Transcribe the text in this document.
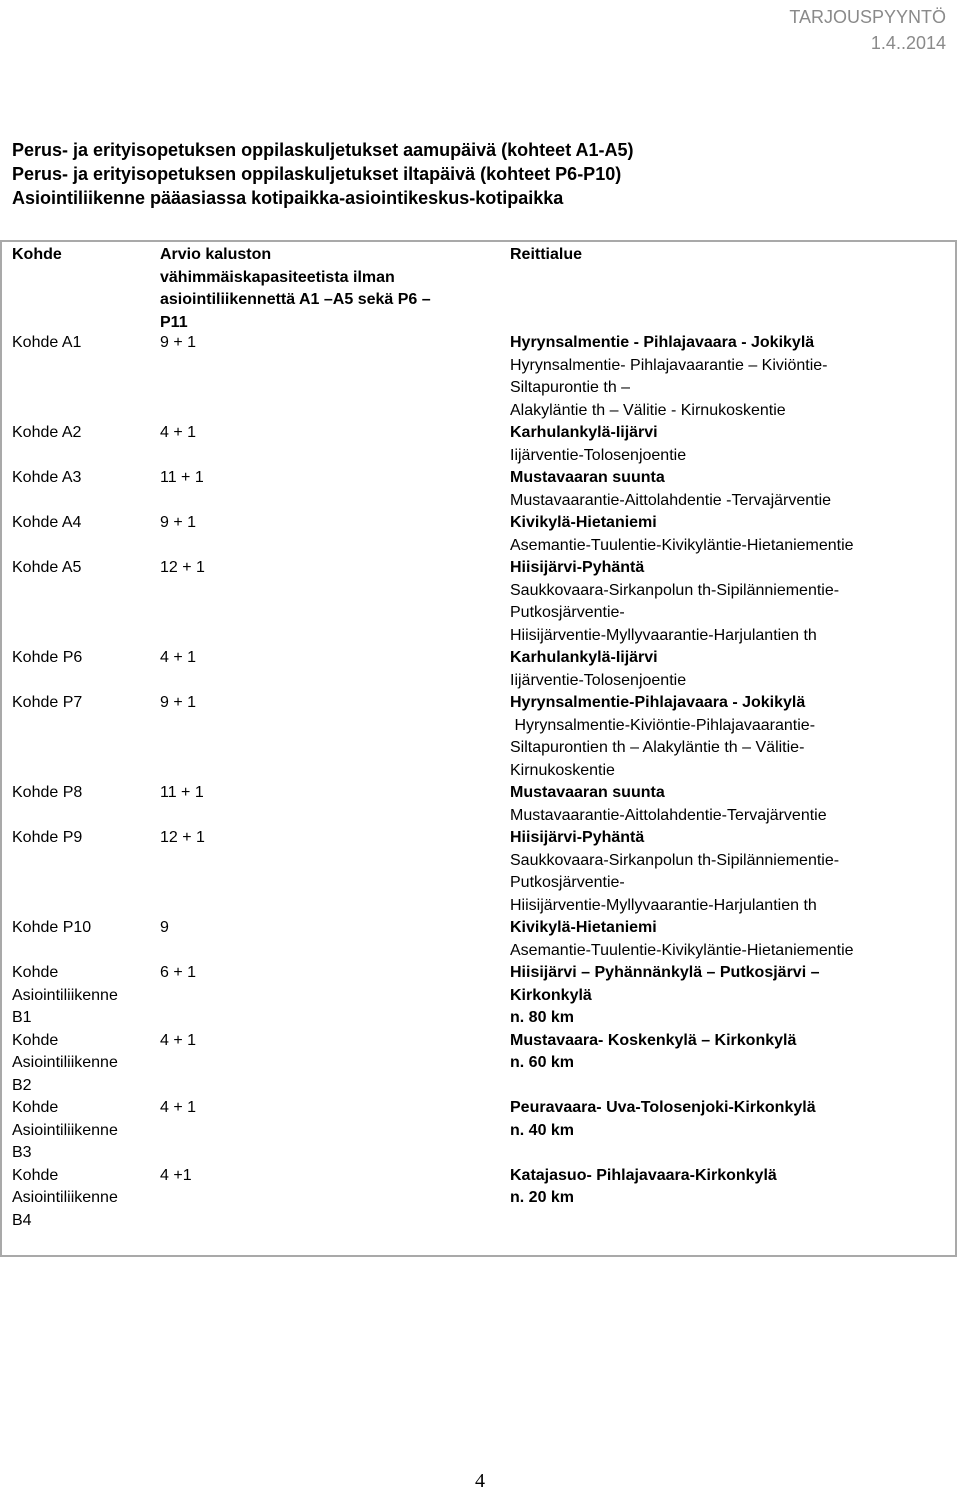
TARJOUSPYYNTÖ
1.4..2014
Perus- ja erityisopetuksen oppilaskuljetukset aamupäivä (kohteet A1-A5)
Perus- ja erityisopetuksen oppilaskuljetukset iltapäivä (kohteet P6-P10)
Asiointiliikenne pääasiassa kotipaikka-asiointikeskus-kotipaikka
Kohde	Arvio kaluston
vähimmäiskapasiteetista ilman
asiointiliikennettä A1 –A5 sekä P6 –
P11
Reittialue
Kohde A1	9 + 1	Hyrynsalmentie - Pihlajavaara - Jokikylä
Hyrynsalmentie- Pihlajavaarantie – Kiviöntie-
Siltapurontie th –
Alakyläntie th – Välitie - Kirnukoskentie
Kohde A2	4 + 1	Karhulankylä-Iijärvi
Iijärventie-Tolosenjoentie
Kohde A3	11 + 1	Mustavaaran suunta
Mustavaarantie-Aittolahdentie -Tervajärventie
Kohde A4	9 + 1	Kivikylä-Hietaniemi
Asemantie-Tuulentie-Kivikyläntie-Hietaniementie
Kohde A5	12 + 1	Hiisijärvi-Pyhäntä
Saukkovaara-Sirkanpolun th-Sipilänniementie-
Putkosjärventie-
Hiisijärventie-Myllyvaarantie-Harjulantien th
Kohde P6	4 + 1	Karhulankylä-Iijärvi
Iijärventie-Tolosenjoentie
Kohde P7	9 + 1	Hyrynsalmentie-Pihlajavaara - Jokikylä
Hyrynsalmentie-Kiviöntie-Pihlajavaarantie-
Siltapurontien th – Alakyläntie th – Välitie-
Kirnukoskentie
Kohde P8	11 + 1	Mustavaaran suunta
Mustavaarantie-Aittolahdentie-Tervajärventie
Kohde P9	12 + 1	Hiisijärvi-Pyhäntä
Saukkovaara-Sirkanpolun th-Sipilänniementie-
Putkosjärventie-
Hiisijärventie-Myllyvaarantie-Harjulantien th
Kohde P10	9	Kivikylä-Hietaniemi
Asemantie-Tuulentie-Kivikyläntie-Hietaniementie
Kohde
Asiointiliikenne
B1
6 + 1	Hiisijärvi – Pyhännänkylä – Putkosjärvi –
Kirkonkylä
n. 80 km
Kohde
Asiointiliikenne
B2
4 + 1	Mustavaara- Koskenkylä – Kirkonkylä
n. 60 km
Kohde
Asiointiliikenne
B3
4 + 1	Peuravaara- Uva-Tolosenjoki-Kirkonkylä
n. 40 km
Kohde
Asiointiliikenne
B4
4 +1	Katajasuo- Pihlajavaara-Kirkonkylä
n. 20 km
4
